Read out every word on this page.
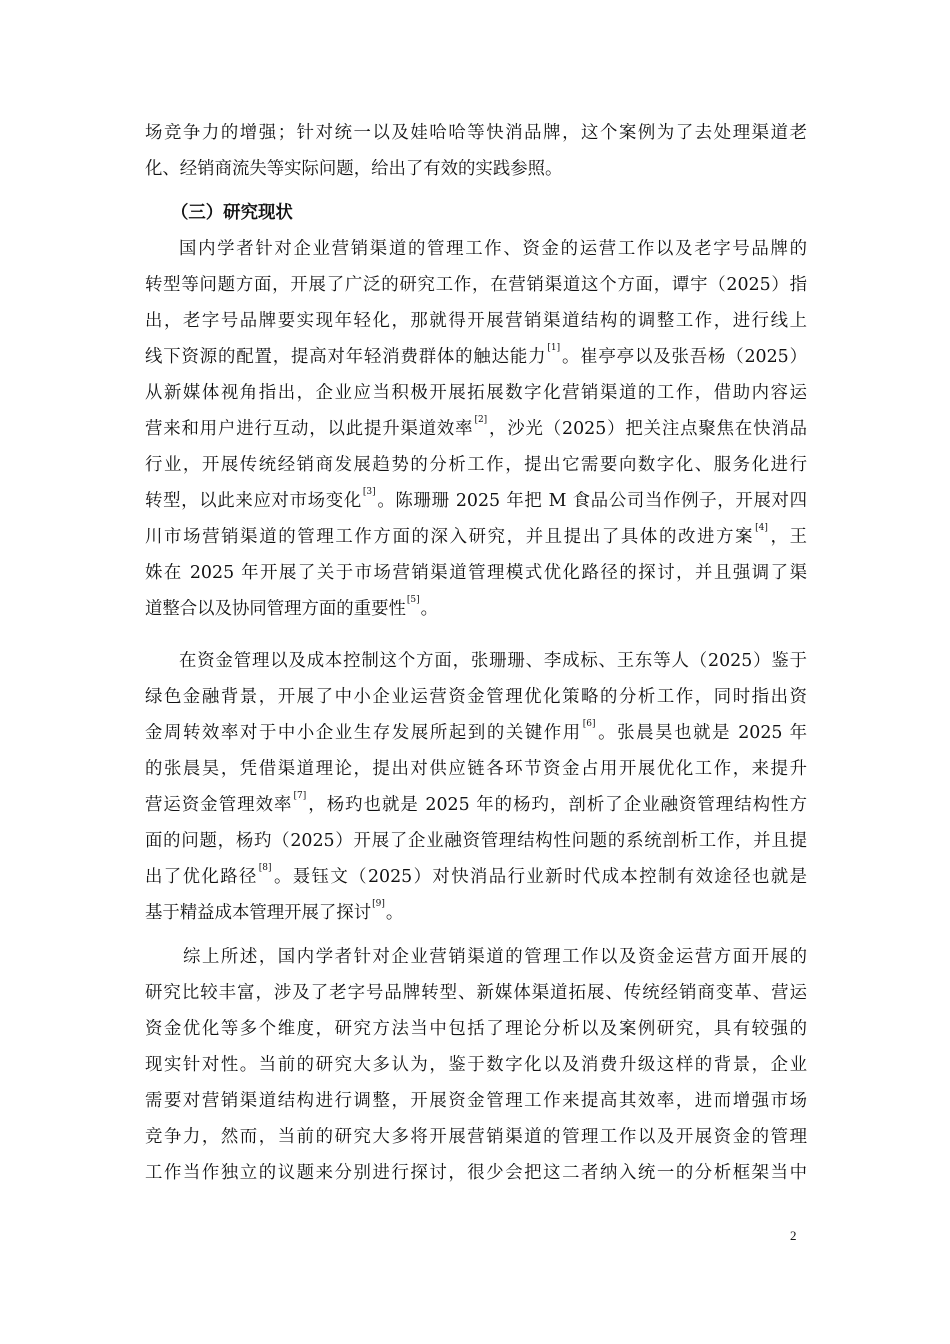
场竞争力的增强；针对统一以及娃哈哈等快消品牌，这个案例为了去处理渠道老
化、经销商流失等实际问题，给出了有效的实践参照。
（三）研究现状
国内学者针对企业营销渠道的管理工作、资金的运营工作以及老字号品牌的
转型等问题方面，开展了广泛的研究工作，在营销渠道这个方面，谭宇（2025）指
出，老字号品牌要实现年轻化，那就得开展营销渠道结构的调整工作，进行线上
线下资源的配置，提高对年轻消费群体的触达能力[1]。崔亭亭以及张吾杨（2025）
从新媒体视角指出，企业应当积极开展拓展数字化营销渠道的工作，借助内容运
营来和用户进行互动，以此提升渠道效率[2]，沙光（2025）把关注点聚焦在快消品
行业，开展传统经销商发展趋势的分析工作，提出它需要向数字化、服务化进行
转型，以此来应对市场变化[3]。陈珊珊 2025 年把 M 食品公司当作例子，开展对四
川市场营销渠道的管理工作方面的深入研究，并且提出了具体的改进方案[4]，王
姝在 2025 年开展了关于市场营销渠道管理模式优化路径的探讨，并且强调了渠
道整合以及协同管理方面的重要性[5]。
在资金管理以及成本控制这个方面，张珊珊、李成标、王东等人（2025）鉴于
绿色金融背景，开展了中小企业运营资金管理优化策略的分析工作，同时指出资
金周转效率对于中小企业生存发展所起到的关键作用[6]。张晨昊也就是 2025 年
的张晨昊，凭借渠道理论，提出对供应链各环节资金占用开展优化工作，来提升
营运资金管理效率[7]，杨玓也就是 2025 年的杨玓，剖析了企业融资管理结构性方
面的问题，杨玓（2025）开展了企业融资管理结构性问题的系统剖析工作，并且提
出了优化路径[8]。聂钰文（2025）对快消品行业新时代成本控制有效途径也就是
基于精益成本管理开展了探讨[9]。
综上所述，国内学者针对企业营销渠道的管理工作以及资金运营方面开展的
研究比较丰富，涉及了老字号品牌转型、新媒体渠道拓展、传统经销商变革、营运
资金优化等多个维度，研究方法当中包括了理论分析以及案例研究，具有较强的
现实针对性。当前的研究大多认为，鉴于数字化以及消费升级这样的背景，企业
需要对营销渠道结构进行调整，开展资金管理工作来提高其效率，进而增强市场
竞争力，然而，当前的研究大多将开展营销渠道的管理工作以及开展资金的管理
工作当作独立的议题来分别进行探讨，很少会把这二者纳入统一的分析框架当中
2
